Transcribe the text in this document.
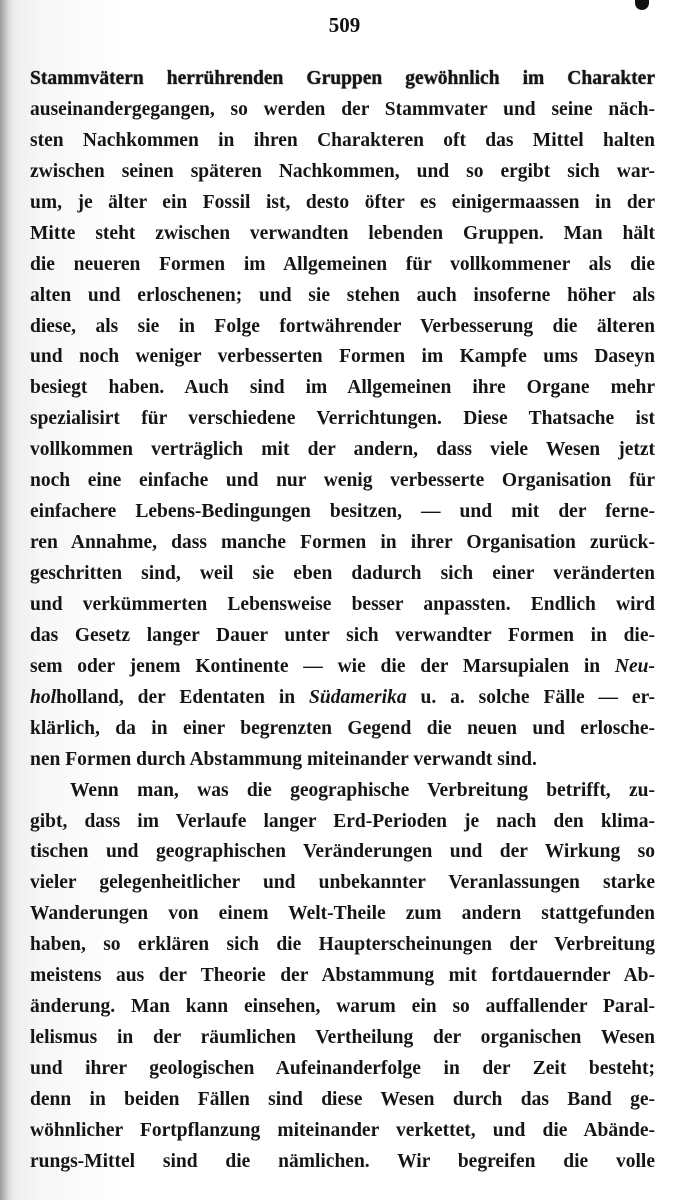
509
Stammvätern herrührenden Gruppen gewöhnlich im Charakter
auseinandergegangen, so werden der Stammvater und seine näch-
sten Nachkommen in ihren Charakteren oft das Mittel halten
zwischen seinen späteren Nachkommen, und so ergibt sich war-
um, je älter ein Fossil ist, desto öfter es einigermaassen in der
Mitte steht zwischen verwandten lebenden Gruppen. Man hält
die neueren Formen im Allgemeinen für vollkommener als die
alten und erloschenen; und sie stehen auch insoferne höher als
diese, als sie in Folge fortwährender Verbesserung die älteren
und noch weniger verbesserten Formen im Kampfe ums Daseyn
besiegt haben. Auch sind im Allgemeinen ihre Organe mehr
spezialisirt für verschiedene Verrichtungen. Diese Thatsache ist
vollkommen verträglich mit der andern, dass viele Wesen jetzt
noch eine einfache und nur wenig verbesserte Organisation für
einfachere Lebens-Bedingungen besitzen, — und mit der ferne-
ren Annahme, dass manche Formen in ihrer Organisation zurück-
geschritten sind, weil sie eben dadurch sich einer veränderten
und verkümmerten Lebensweise besser anpassten. Endlich wird
das Gesetz langer Dauer unter sich verwandter Formen in die-
sem oder jenem Kontinente — wie die der Marsupialen in Neu-
holholland, der Edentaten in Südamerika u. a. solche Fälle — er-
klärlich, da in einer begrenzten Gegend die neuen und erlosche-
nen Formen durch Abstammung miteinander verwandt sind.
Wenn man, was die geographische Verbreitung betrifft, zu-
gibt, dass im Verlaufe langer Erd-Perioden je nach den klima-
tischen und geographischen Veränderungen und der Wirkung so
vieler gelegenheitlicher und unbekannter Veranlassungen starke
Wanderungen von einem Welt-Theile zum andern stattgefunden
haben, so erklären sich die Haupterscheinungen der Verbreitung
meistens aus der Theorie der Abstammung mit fortdauernder Ab-
änderung. Man kann einsehen, warum ein so auffallender Paral-
lelismus in der räumlichen Vertheilung der organischen Wesen
und ihrer geologischen Aufeinanderfolge in der Zeit besteht;
denn in beiden Fällen sind diese Wesen durch das Band ge-
wöhnlicher Fortpflanzung miteinander verkettet, und die Abände-
rungs-Mittel sind die nämlichen. Wir begreifen die volle
